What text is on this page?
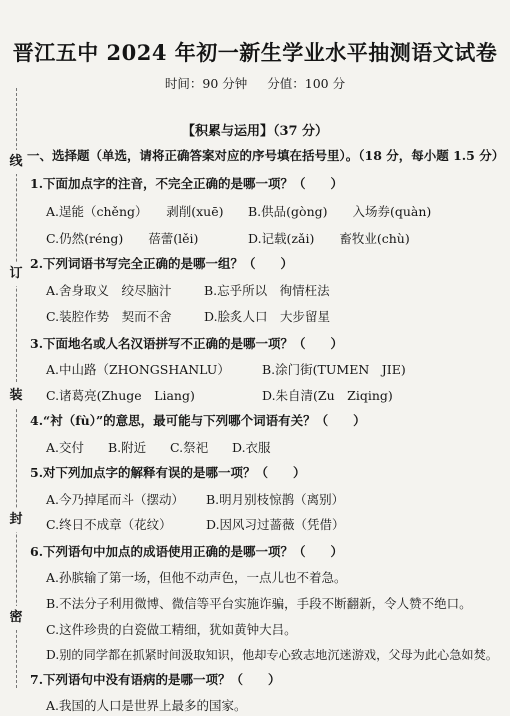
线
订
装
封
密
晋江五中 2024 年初一新生学业水平抽测语文试卷
时间：90 分钟 分值：100 分
【积累与运用】（37 分）
一、选择题（单选，请将正确答案对应的序号填在括号里）。（18 分，每小题 1.5 分）
1.下面加点字的注音，不完全正确的是哪一项？（　　）
A.逞能（chěng）　　剥削(xuē) B.供品(gòng)　　入场券(quàn)
C.仍然(réng)　　蓓蕾(lěi)	D.记载(zǎi)　　畜牧业(chù)
2.下列词语书写完全正确的是哪一组？（　　）
A.舍身取义　绞尽脑汁	B.忘乎所以　徇情枉法
C.装腔作势　契而不舍	D.脍炙人口　大步留星
3.下面地名或人名汉语拼写不正确的是哪一项？（　　）
A.中山路（ZHONGSHANLU）	B.涂门街(TUMEN　JIE)
C.诸葛亮(Zhuge　Liang)	D.朱自清(Zu　Ziqing)
4.“衬（fù）”的意思，最可能与下列哪个词语有关？（　　）
A.交付 B.附近 C.祭祀 D.衣服
5.对下列加点字的解释有误的是哪一项？（　　）
A.今乃掉尾而斗（摆动） B.明月别枝惊鹊（离别）
C.终日不成章（花纹）	D.因风习过蔷薇（凭借）
6.下列语句中加点的成语使用正确的是哪一项？（　　）
A.孙膑输了第一场，但他不动声色，一点儿也不着急。
B.不法分子利用微博、微信等平台实施诈骗，手段不断翻新，令人赞不绝口。
C.这件珍贵的白瓷做工精细，犹如黄钟大吕。
D.别的同学都在抓紧时间汲取知识，他却专心致志地沉迷游戏，父母为此心急如焚。
7.下列语句中没有语病的是哪一项？（　　）
A.我国的人口是世界上最多的国家。
